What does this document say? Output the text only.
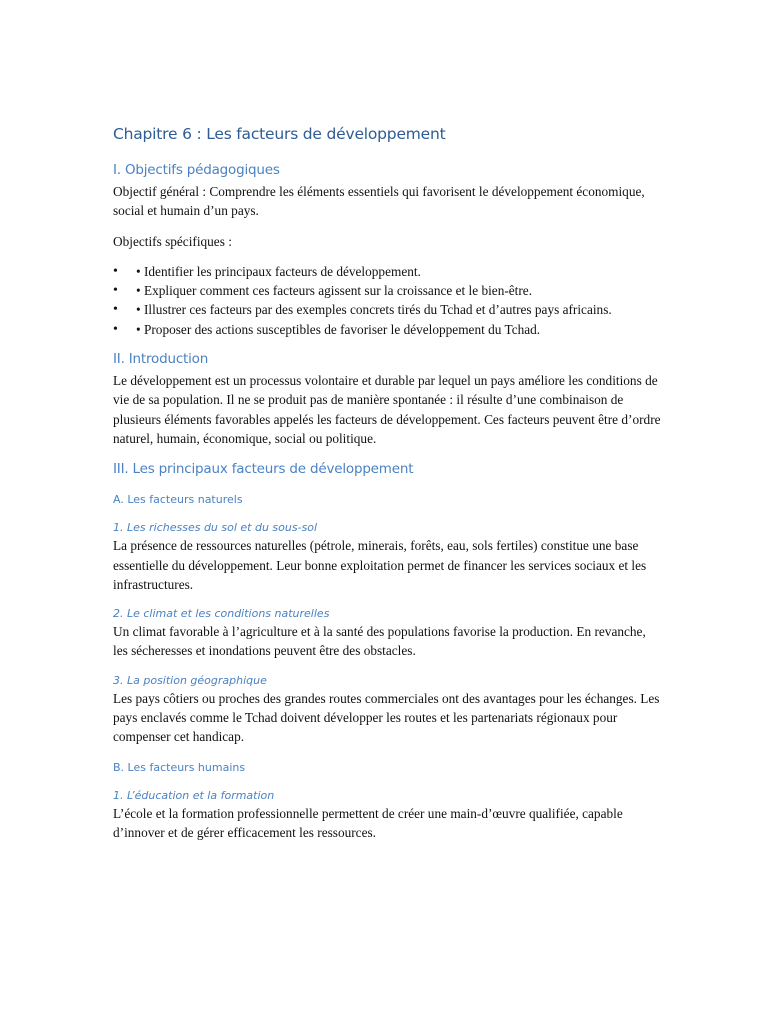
Chapitre 6 : Les facteurs de développement
I. Objectifs pédagogiques

Objectif général : Comprendre les éléments essentiels qui favorisent le développement économique, social et humain d’un pays.

Objectifs spécifiques :

• • Identifier les principaux facteurs de développement.
• • Expliquer comment ces facteurs agissent sur la croissance et le bien-être.
• • Illustrer ces facteurs par des exemples concrets tirés du Tchad et d’autres pays africains.
• • Proposer des actions susceptibles de favoriser le développement du Tchad.
II. Introduction

Le développement est un processus volontaire et durable par lequel un pays améliore les conditions de vie de sa population. Il ne se produit pas de manière spontanée : il résulte d’une combinaison de plusieurs éléments favorables appelés les facteurs de développement. Ces facteurs peuvent être d’ordre naturel, humain, économique, social ou politique.

III. Les principaux facteurs de développement
A. Les facteurs naturels
1. Les richesses du sol et du sous-sol

La présence de ressources naturelles (pétrole, minerais, forêts, eau, sols fertiles) constitue une base essentielle du développement. Leur bonne exploitation permet de financer les services sociaux et les infrastructures.

2. Le climat et les conditions naturelles

Un climat favorable à l’agriculture et à la santé des populations favorise la production. En revanche, les sécheresses et inondations peuvent être des obstacles.

3. La position géographique

Les pays côtiers ou proches des grandes routes commerciales ont des avantages pour les échanges. Les pays enclavés comme le Tchad doivent développer les routes et les partenariats régionaux pour compenser cet handicap.

B. Les facteurs humains
1. L’éducation et la formation

L’école et la formation professionnelle permettent de créer une main-d’œuvre qualifiée, capable d’innover et de gérer efficacement les ressources.
